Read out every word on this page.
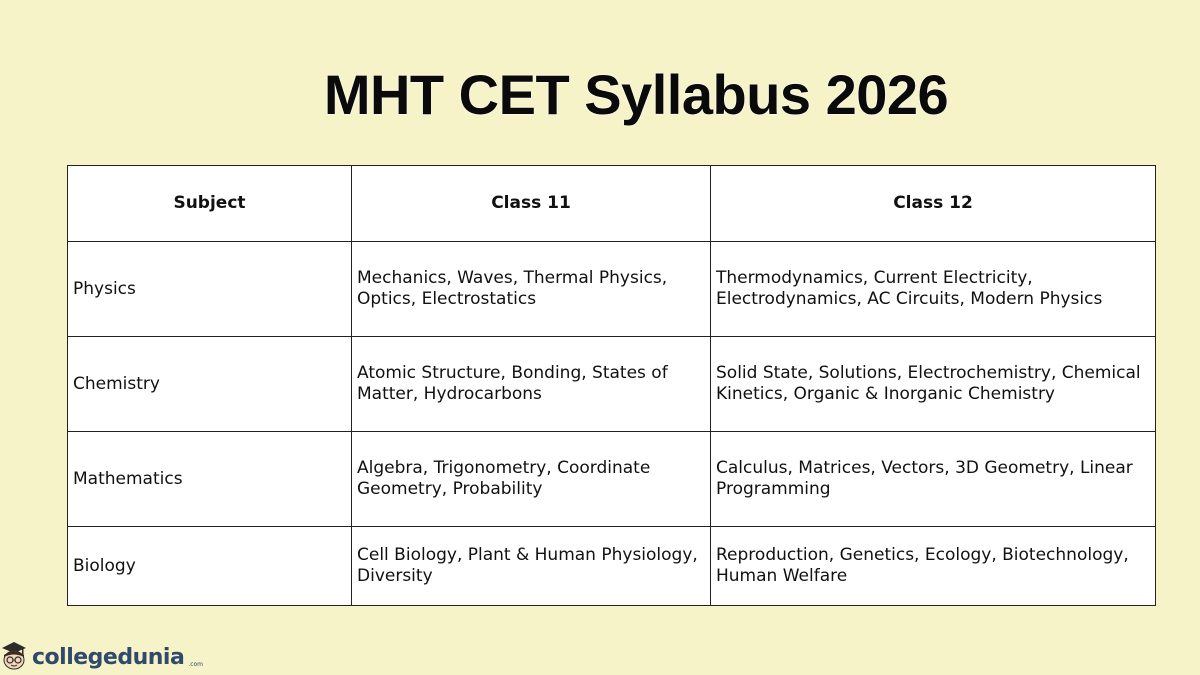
MHT CET Syllabus 2026
Subject	Class 11	Class 12
Physics	Mechanics, Waves, Thermal Physics, Optics, Electrostatics	Thermodynamics, Current Electricity, Electrodynamics, AC Circuits, Modern Physics
Chemistry	Atomic Structure, Bonding, States of Matter, Hydrocarbons	Solid State, Solutions, Electrochemistry, Chemical Kinetics, Organic & Inorganic Chemistry
Mathematics	Algebra, Trigonometry, Coordinate Geometry, Probability	Calculus, Matrices, Vectors, 3D Geometry, Linear Programming
Biology	Cell Biology, Plant & Human Physiology, Diversity	Reproduction, Genetics, Ecology, Biotechnology, Human Welfare
collegedunia .com
